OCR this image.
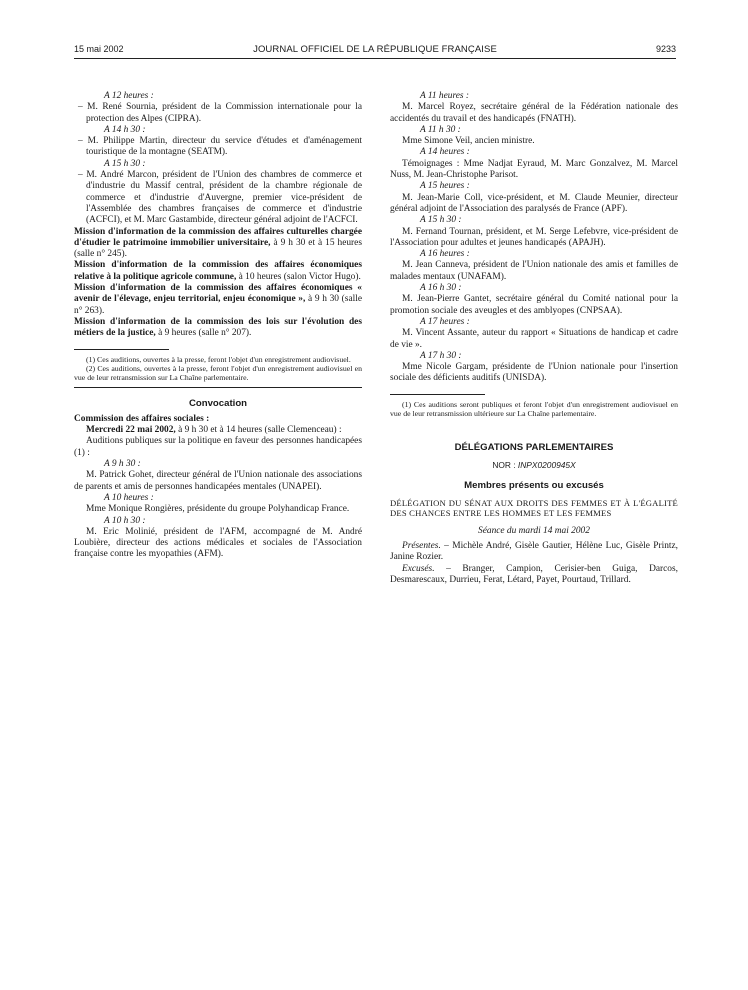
15 mai 2002	JOURNAL OFFICIEL DE LA RÉPUBLIQUE FRANÇAISE	9233

A 12 heures :

– M. René Sournia, président de la Commission internationale pour la protection des Alpes (CIPRA).

A 14 h 30 :

– M. Philippe Martin, directeur du service d'études et d'aménagement touristique de la montagne (SEATM).

A 15 h 30 :

– M. André Marcon, président de l'Union des chambres de commerce et d'industrie du Massif central, président de la chambre régionale de commerce et d'industrie d'Auvergne, premier vice-président de l'Assemblée des chambres françaises de commerce et d'industrie (ACFCI), et M. Marc Gastambide, directeur général adjoint de l'ACFCI.

Mission d'information de la commission des affaires culturelles chargée d'étudier le patrimoine immobilier universitaire, à 9 h 30 et à 15 heures (salle n° 245).

Mission d'information de la commission des affaires économiques relative à la politique agricole commune, à 10 heures (salon Victor Hugo).

Mission d'information de la commission des affaires économiques « avenir de l'élevage, enjeu territorial, enjeu économique », à 9 h 30 (salle n° 263).

Mission d'information de la commission des lois sur l'évolution des métiers de la justice, à 9 heures (salle n° 207).

(1) Ces auditions, ouvertes à la presse, feront l'objet d'un enregistrement audiovisuel.

(2) Ces auditions, ouvertes à la presse, feront l'objet d'un enregistrement audiovisuel en vue de leur retransmission sur La Chaîne parlementaire.

Convocation

Commission des affaires sociales :

Mercredi 22 mai 2002, à 9 h 30 et à 14 heures (salle Clemenceau) :

Auditions publiques sur la politique en faveur des personnes handicapées (1) :

A 9 h 30 :

M. Patrick Gohet, directeur général de l'Union nationale des associations de parents et amis de personnes handicapées mentales (UNAPEI).

A 10 heures :

Mme Monique Rongières, présidente du groupe Polyhandicap France.

A 10 h 30 :

M. Eric Molinié, président de l'AFM, accompagné de M. André Loubière, directeur des actions médicales et sociales de l'Association française contre les myopathies (AFM).

A 11 heures :

M. Marcel Royez, secrétaire général de la Fédération nationale des accidentés du travail et des handicapés (FNATH).

A 11 h 30 :

Mme Simone Veil, ancien ministre.

A 14 heures :

Témoignages : Mme Nadjat Eyraud, M. Marc Gonzalvez, M. Marcel Nuss, M. Jean-Christophe Parisot.

A 15 heures :

M. Jean-Marie Coll, vice-président, et M. Claude Meunier, directeur général adjoint de l'Association des paralysés de France (APF).

A 15 h 30 :

M. Fernand Tournan, président, et M. Serge Lefebvre, vice-président de l'Association pour adultes et jeunes handicapés (APAJH).

A 16 heures :

M. Jean Canneva, président de l'Union nationale des amis et familles de malades mentaux (UNAFAM).

A 16 h 30 :

M. Jean-Pierre Gantet, secrétaire général du Comité national pour la promotion sociale des aveugles et des amblyopes (CNPSAA).

A 17 heures :

M. Vincent Assante, auteur du rapport « Situations de handicap et cadre de vie ».

A 17 h 30 :

Mme Nicole Gargam, présidente de l'Union nationale pour l'insertion sociale des déficients auditifs (UNISDA).

(1) Ces auditions seront publiques et feront l'objet d'un enregistrement audiovisuel en vue de leur retransmission ultérieure sur La Chaîne parlementaire.

DÉLÉGATIONS PARLEMENTAIRES

NOR : INPX0200945X

Membres présents ou excusés

DÉLÉGATION DU SÉNAT AUX DROITS DES FEMMES ET À L'ÉGALITÉ DES CHANCES ENTRE LES HOMMES ET LES FEMMES

Séance du mardi 14 mai 2002

Présentes. – Michèle André, Gisèle Gautier, Hélène Luc, Gisèle Printz, Janine Rozier.

Excusés. – Branger, Campion, Cerisier-ben Guiga, Darcos, Desmarescaux, Durrieu, Ferat, Létard, Payet, Pourtaud, Trillard.
